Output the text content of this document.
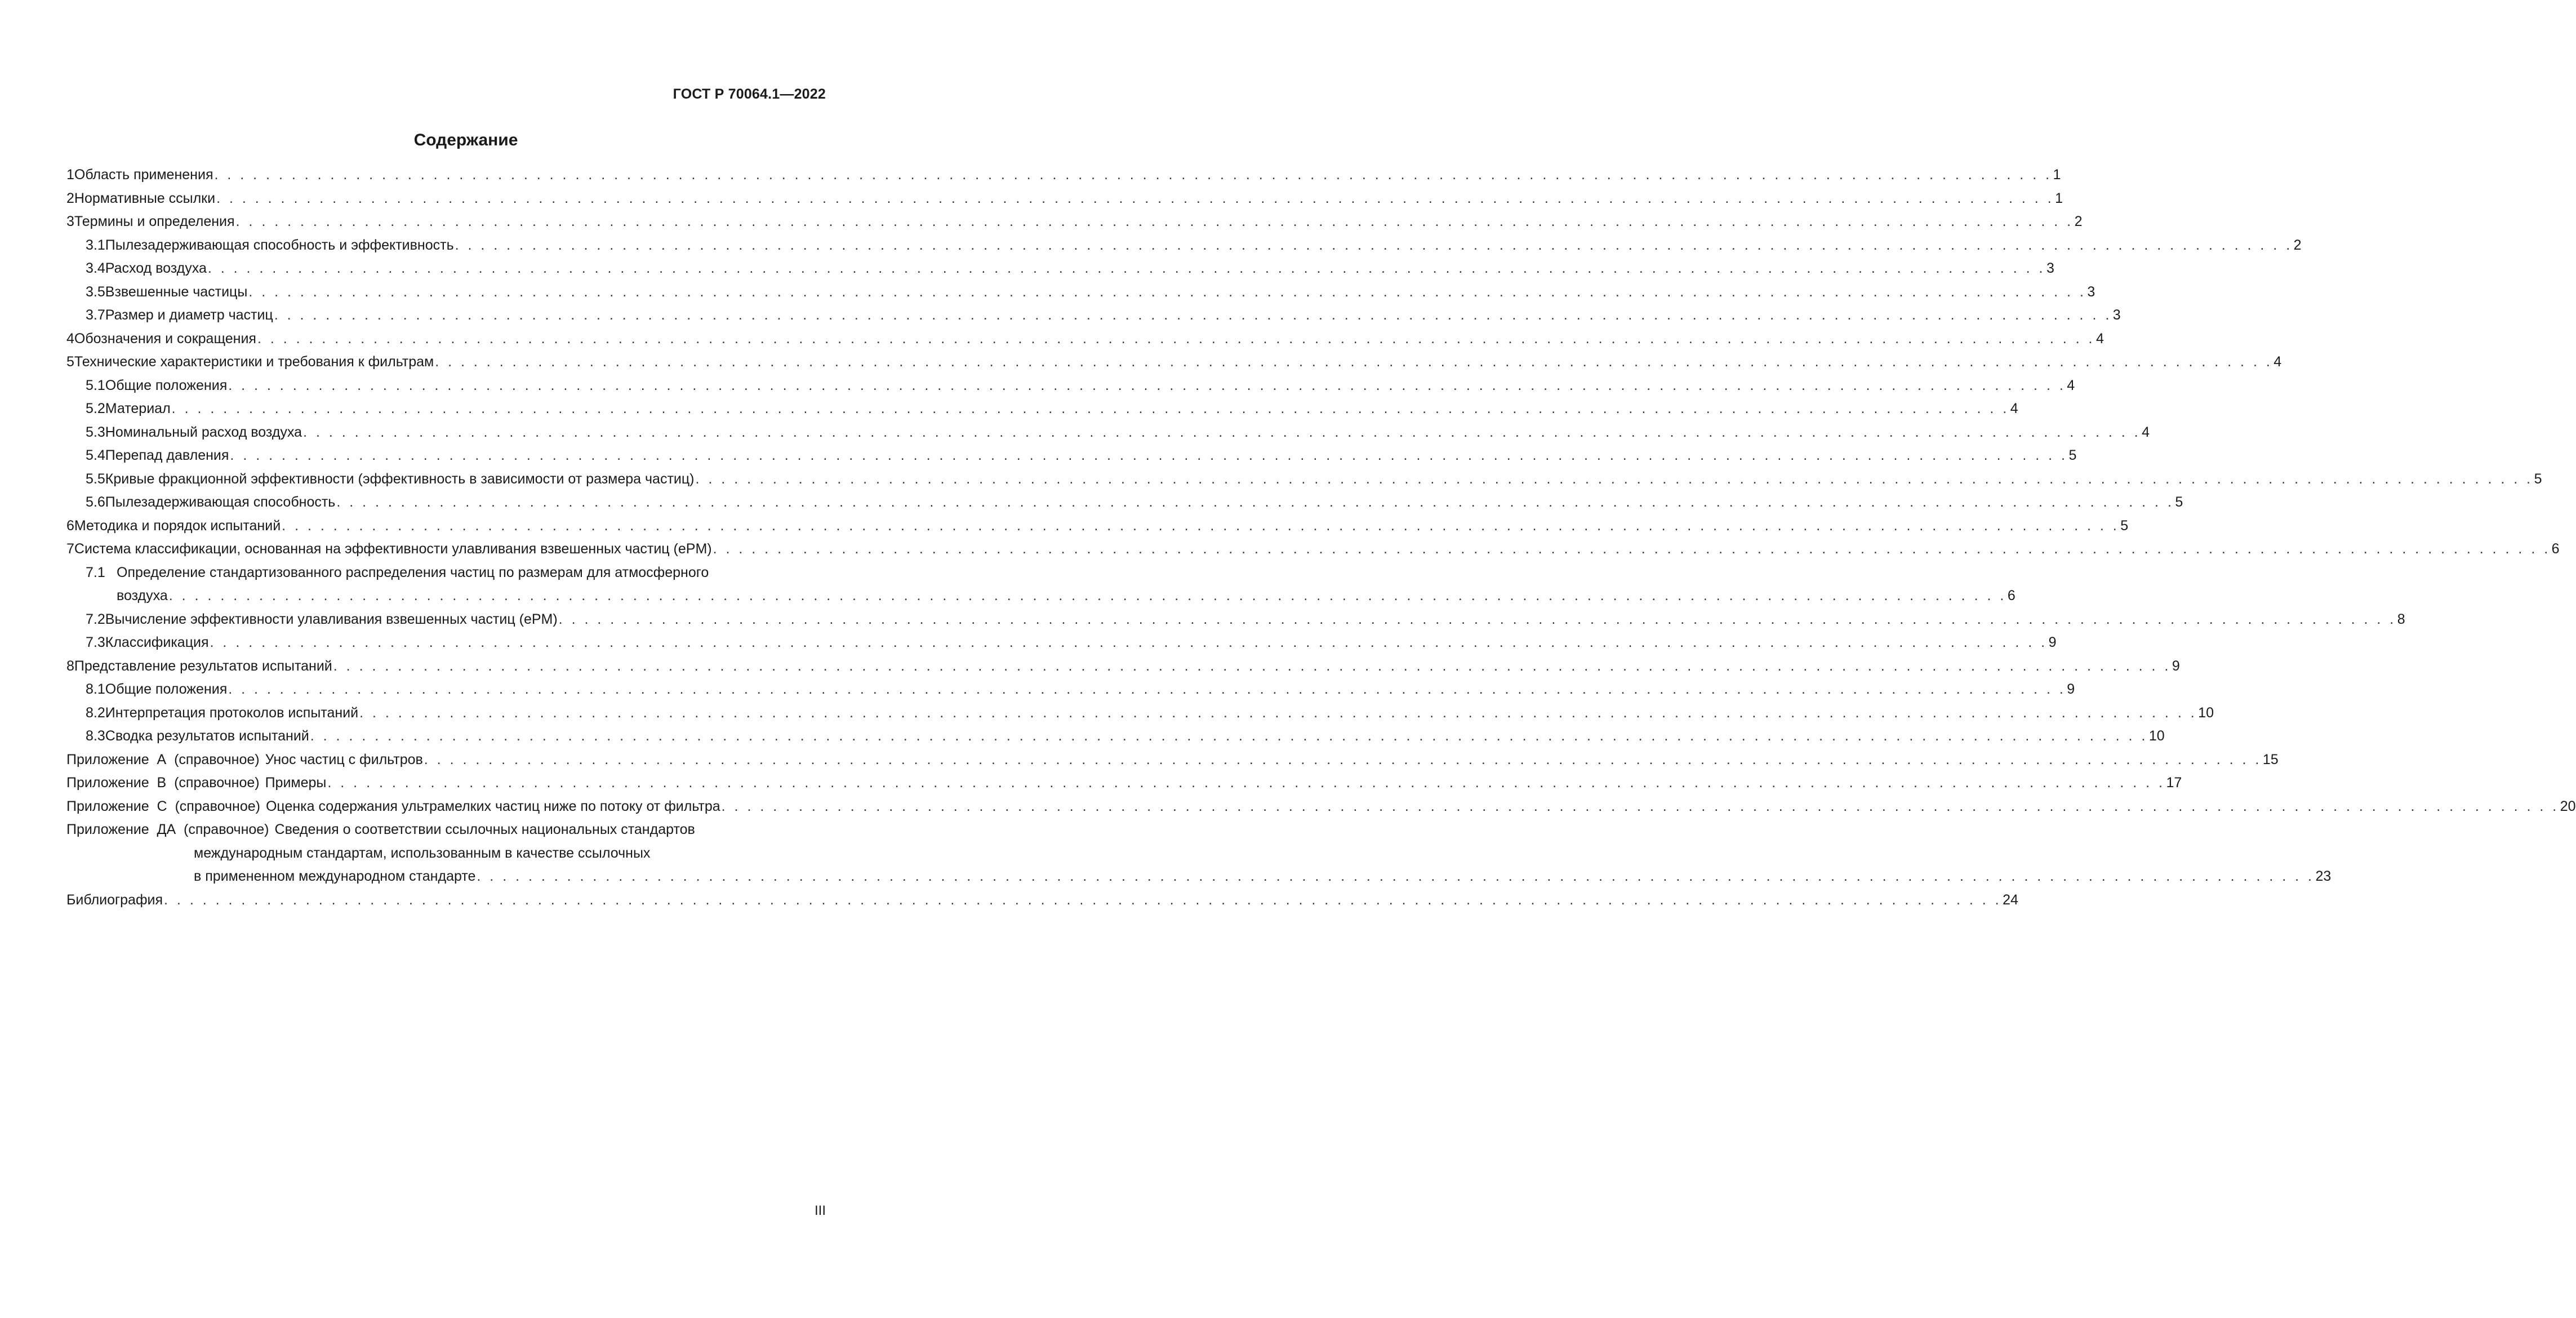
ГОСТ Р 70064.1—2022
Содержание
1 Область применения . . .	1
2 Нормативные ссылки . . .	1
3 Термины и определения . . .	2
3.1 Пылезадерживающая способность и эффективность . . .	2
3.4 Расход воздуха . . .	3
3.5 Взвешенные частицы . . .	3
3.7 Размер и диаметр частиц . . .	3
4 Обозначения и сокращения . . .	4
5 Технические характеристики и требования к фильтрам . . .	4
5.1 Общие положения . . .	4
5.2 Материал . . .	4
5.3 Номинальный расход воздуха . . .	4
5.4 Перепад давления . . .	5
5.5 Кривые фракционной эффективности (эффективность в зависимости от размера частиц) . . .	5
5.6 Пылезадерживающая способность . . .	5
6 Методика и порядок испытаний . . .	5
7 Система классификации, основанная на эффективности улавливания взвешенных частиц (ePM) . . .	6
7.1 Определение стандартизованного распределения частиц по размерам для атмосферного
воздуха . . .	6
7.2 Вычисление эффективности улавливания взвешенных частиц (ePM) . . .	8
7.3 Классификация . . .	9
8 Представление результатов испытаний . . .	9
8.1 Общие положения . . .	9
8.2 Интерпретация протоколов испытаний . . .	10
8.3 Сводка результатов испытаний . . .	10
Приложение  А  (справочное) Унос частиц с фильтров . . .	15
Приложение  В  (справочное) Примеры . . .	17
Приложение  С  (справочное) Оценка содержания ультрамелких частиц ниже по потоку от фильтра . . .	20
Приложение  ДА  (справочное) Сведения о соответствии ссылочных национальных стандартов
международным стандартам, использованным в качестве ссылочных
в примененном международном стандарте . . .	23
Библиография . . .	24
III
